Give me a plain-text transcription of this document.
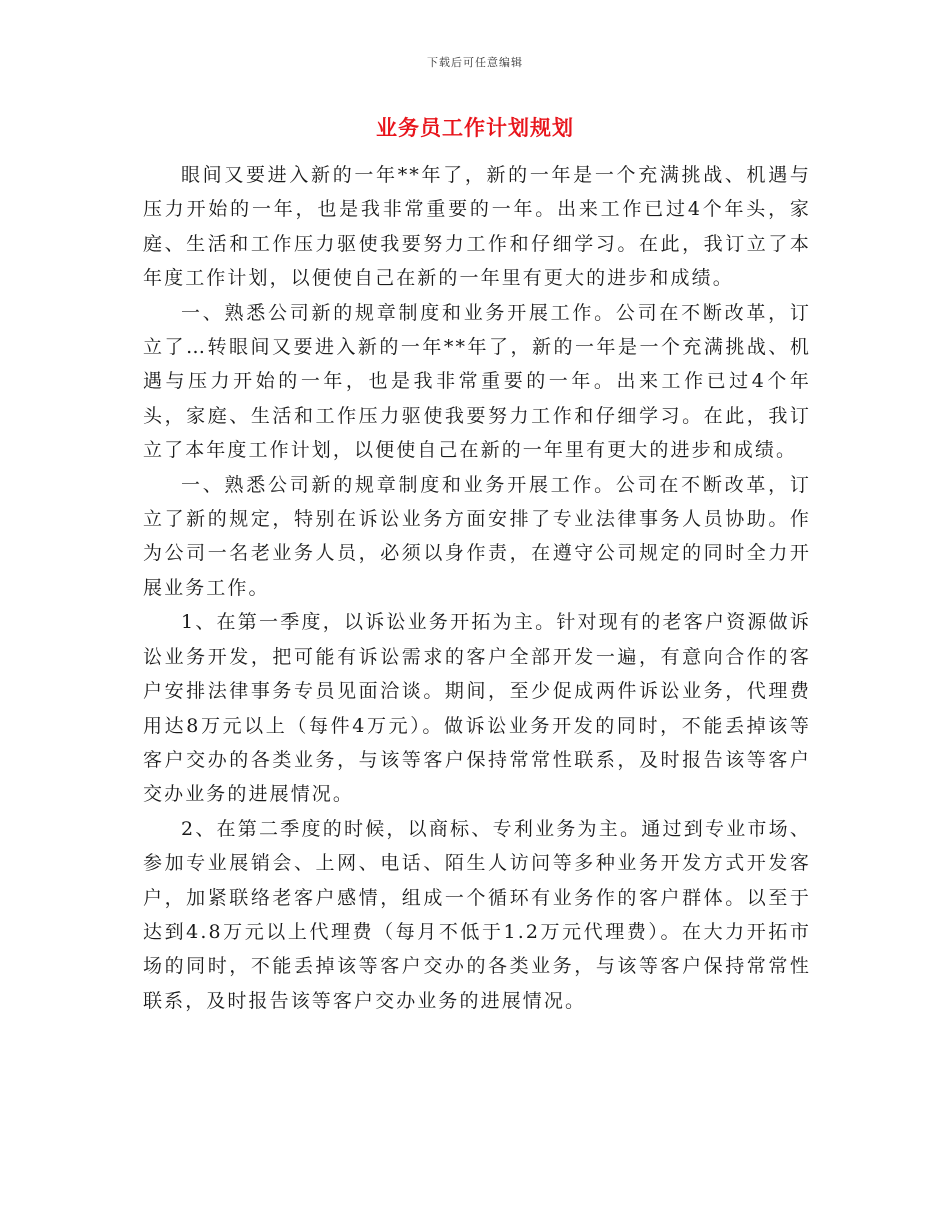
下载后可任意编辑
业务员工作计划规划

眼间又要进入新的一年**年了，新的一年是一个充满挑战、机遇与压力开始的一年，也是我非常重要的一年。出来工作已过4个年头，家庭、生活和工作压力驱使我要努力工作和仔细学习。在此，我订立了本年度工作计划，以便使自己在新的一年里有更大的进步和成绩。

一、熟悉公司新的规章制度和业务开展工作。公司在不断改革，订立了…转眼间又要进入新的一年**年了，新的一年是一个充满挑战、机遇与压力开始的一年，也是我非常重要的一年。出来工作已过4个年头，家庭、生活和工作压力驱使我要努力工作和仔细学习。在此，我订立了本年度工作计划，以便使自己在新的一年里有更大的进步和成绩。

一、熟悉公司新的规章制度和业务开展工作。公司在不断改革，订立了新的规定，特别在诉讼业务方面安排了专业法律事务人员协助。作为公司一名老业务人员，必须以身作责，在遵守公司规定的同时全力开展业务工作。

1、在第一季度，以诉讼业务开拓为主。针对现有的老客户资源做诉讼业务开发，把可能有诉讼需求的客户全部开发一遍，有意向合作的客户安排法律事务专员见面洽谈。期间，至少促成两件诉讼业务，代理费用达8万元以上（每件4万元）。做诉讼业务开发的同时，不能丢掉该等客户交办的各类业务，与该等客户保持常常性联系，及时报告该等客户交办业务的进展情况。

2、在第二季度的时候，以商标、专利业务为主。通过到专业市场、参加专业展销会、上网、电话、陌生人访问等多种业务开发方式开发客户，加紧联络老客户感情，组成一个循环有业务作的客户群体。以至于达到4.8万元以上代理费（每月不低于1.2万元代理费）。在大力开拓市场的同时，不能丢掉该等客户交办的各类业务，与该等客户保持常常性联系，及时报告该等客户交办业务的进展情况。
